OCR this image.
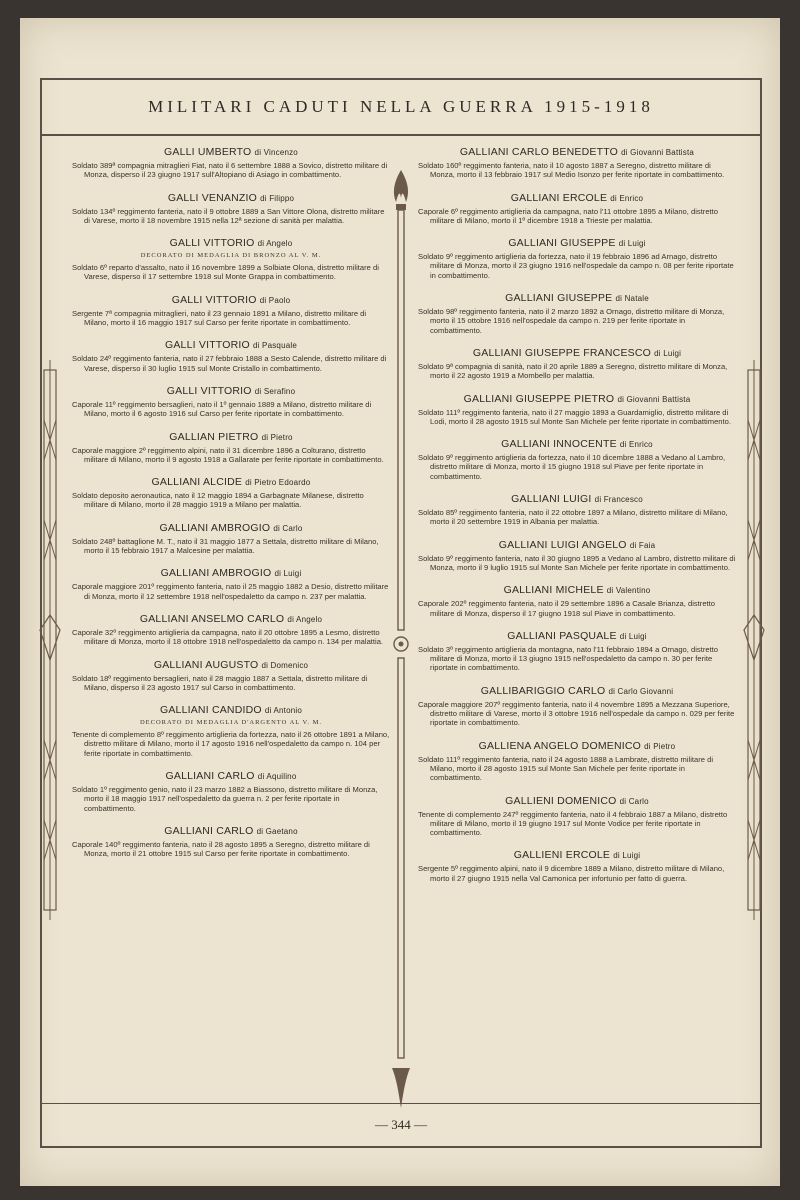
MILITARI CADUTI NELLA GUERRA 1915-1918
GALLI UMBERTO di Vincenzo
Soldato 389ª compagnia mitraglieri Fiat, nato il 6 settembre 1888 a Sovico, distretto militare di Monza, disperso il 23 giugno 1917 sull'Altopiano di Asiago in combattimento.
GALLI VENANZIO di Filippo
Soldato 134º reggimento fanteria, nato il 9 ottobre 1889 a San Vittore Olona, distretto militare di Varese, morto il 18 novembre 1915 nella 12ª sezione di sanità per malattia.
GALLI VITTORIO di Angelo
DECORATO DI MEDAGLIA DI BRONZO AL V. M.
Soldato 6º reparto d'assalto, nato il 16 novembre 1899 a Solbiate Olona, distretto militare di Varese, disperso il 17 settembre 1918 sul Monte Grappa in combattimento.
GALLI VITTORIO di Paolo
Sergente 7ª compagnia mitraglieri, nato il 23 gennaio 1891 a Milano, distretto militare di Milano, morto il 16 maggio 1917 sul Carso per ferite riportate in combattimento.
GALLI VITTORIO di Pasquale
Soldato 24º reggimento fanteria, nato il 27 febbraio 1888 a Sesto Calende, distretto militare di Varese, disperso il 30 luglio 1915 sul Monte Cristallo in combattimento.
GALLI VITTORIO di Serafino
Caporale 11º reggimento bersaglieri, nato il 1º gennaio 1889 a Milano, distretto militare di Milano, morto il 6 agosto 1916 sul Carso per ferite riportate in combattimento.
GALLIAN PIETRO di Pietro
Caporale maggiore 2º reggimento alpini, nato il 31 dicembre 1896 a Colturano, distretto militare di Milano, morto il 9 agosto 1918 a Gallarate per ferite riportate in combattimento.
GALLIANI ALCIDE di Pietro Edoardo
Soldato deposito aeronautica, nato il 12 maggio 1894 a Garbagnate Milanese, distretto militare di Milano, morto il 28 maggio 1919 a Milano per malattia.
GALLIANI AMBROGIO di Carlo
Soldato 248º battaglione M. T., nato il 31 maggio 1877 a Settala, distretto militare di Milano, morto il 15 febbraio 1917 a Malcesine per malattia.
GALLIANI AMBROGIO di Luigi
Caporale maggiore 201º reggimento fanteria, nato il 25 maggio 1882 a Desio, distretto militare di Monza, morto il 12 settembre 1918 nell'ospedaletto da campo n. 237 per malattia.
GALLIANI ANSELMO CARLO di Angelo
Caporale 32º reggimento artiglieria da campagna, nato il 20 ottobre 1895 a Lesmo, distretto militare di Monza, morto il 18 ottobre 1918 nell'ospedaletto da campo n. 134 per malattia.
GALLIANI AUGUSTO di Domenico
Soldato 18º reggimento bersaglieri, nato il 28 maggio 1887 a Settala, distretto militare di Milano, disperso il 23 agosto 1917 sul Carso in combattimento.
GALLIANI CANDIDO di Antonio
DECORATO DI MEDAGLIA D'ARGENTO AL V. M.
Tenente di complemento 8º reggimento artiglieria da fortezza, nato il 26 ottobre 1891 a Milano, distretto militare di Milano, morto il 17 agosto 1916 nell'ospedaletto da campo n. 104 per ferite riportate in combattimento.
GALLIANI CARLO di Aquilino
Soldato 1º reggimento genio, nato il 23 marzo 1882 a Biassono, distretto militare di Monza, morto il 18 maggio 1917 nell'ospedaletto da guerra n. 2 per ferite riportate in combattimento.
GALLIANI CARLO di Gaetano
Caporale 140º reggimento fanteria, nato il 28 agosto 1895 a Seregno, distretto militare di Monza, morto il 21 ottobre 1915 sul Carso per ferite riportate in combattimento.
GALLIANI CARLO BENEDETTO di Giovanni Battista
Soldato 160º reggimento fanteria, nato il 10 agosto 1887 a Seregno, distretto militare di Monza, morto il 13 febbraio 1917 sul Medio Isonzo per ferite riportate in combattimento.
GALLIANI ERCOLE di Enrico
Caporale 6º reggimento artiglieria da campagna, nato l'11 ottobre 1895 a Milano, distretto militare di Milano, morto il 1º dicembre 1918 a Trieste per malattia.
GALLIANI GIUSEPPE di Luigi
Soldato 9º reggimento artiglieria da fortezza, nato il 19 febbraio 1896 ad Arnago, distretto militare di Monza, morto il 23 giugno 1916 nell'ospedale da campo n. 08 per ferite riportate in combattimento.
GALLIANI GIUSEPPE di Natale
Soldato 98º reggimento fanteria, nato il 2 marzo 1892 a Ornago, distretto militare di Monza, morto il 15 ottobre 1916 nell'ospedale da campo n. 219 per ferite riportate in combattimento.
GALLIANI GIUSEPPE FRANCESCO di Luigi
Soldato 9ª compagnia di sanità, nato il 20 aprile 1889 a Seregno, distretto militare di Monza, morto il 22 agosto 1919 a Mombello per malattia.
GALLIANI GIUSEPPE PIETRO di Giovanni Battista
Soldato 111º reggimento fanteria, nato il 27 maggio 1893 a Guardamiglio, distretto militare di Lodi, morto il 28 agosto 1915 sul Monte San Michele per ferite riportate in combattimento.
GALLIANI INNOCENTE di Enrico
Soldato 9º reggimento artiglieria da fortezza, nato il 10 dicembre 1888 a Vedano al Lambro, distretto militare di Monza, morto il 15 giugno 1918 sul Piave per ferite riportate in combattimento.
GALLIANI LUIGI di Francesco
Soldato 85º reggimento fanteria, nato il 22 ottobre 1897 a Milano, distretto militare di Milano, morto il 20 settembre 1919 in Albania per malattia.
GALLIANI LUIGI ANGELO di Faia
Soldato 9º reggimento fanteria, nato il 30 giugno 1895 a Vedano al Lambro, distretto militare di Monza, morto il 9 luglio 1915 sul Monte San Michele per ferite riportate in combattimento.
GALLIANI MICHELE di Valentino
Caporale 202º reggimento fanteria, nato il 29 settembre 1896 a Casale Brianza, distretto militare di Monza, disperso il 17 giugno 1918 sul Piave in combattimento.
GALLIANI PASQUALE di Luigi
Soldato 3º reggimento artiglieria da montagna, nato l'11 febbraio 1894 a Ornago, distretto militare di Monza, morto il 13 giugno 1915 nell'ospedaletto da campo n. 30 per ferite riportate in combattimento.
GALLIBARIGGIO CARLO di Carlo Giovanni
Caporale maggiore 207º reggimento fanteria, nato il 4 novembre 1895 a Mezzana Superiore, distretto militare di Varese, morto il 3 ottobre 1916 nell'ospedale da campo n. 029 per ferite riportate in combattimento.
GALLIENA ANGELO DOMENICO di Pietro
Soldato 111º reggimento fanteria, nato il 24 agosto 1888 a Lambrate, distretto militare di Milano, morto il 28 agosto 1915 sul Monte San Michele per ferite riportate in combattimento.
GALLIENI DOMENICO di Carlo
Tenente di complemento 247º reggimento fanteria, nato il 4 febbraio 1887 a Milano, distretto militare di Milano, morto il 19 giugno 1917 sul Monte Vodice per ferite riportate in combattimento.
GALLIENI ERCOLE di Luigi
Sergente 5º reggimento alpini, nato il 9 dicembre 1889 a Milano, distretto militare di Milano, morto il 27 giugno 1915 nella Val Camonica per infortunio per fatto di guerra.
— 344 —
